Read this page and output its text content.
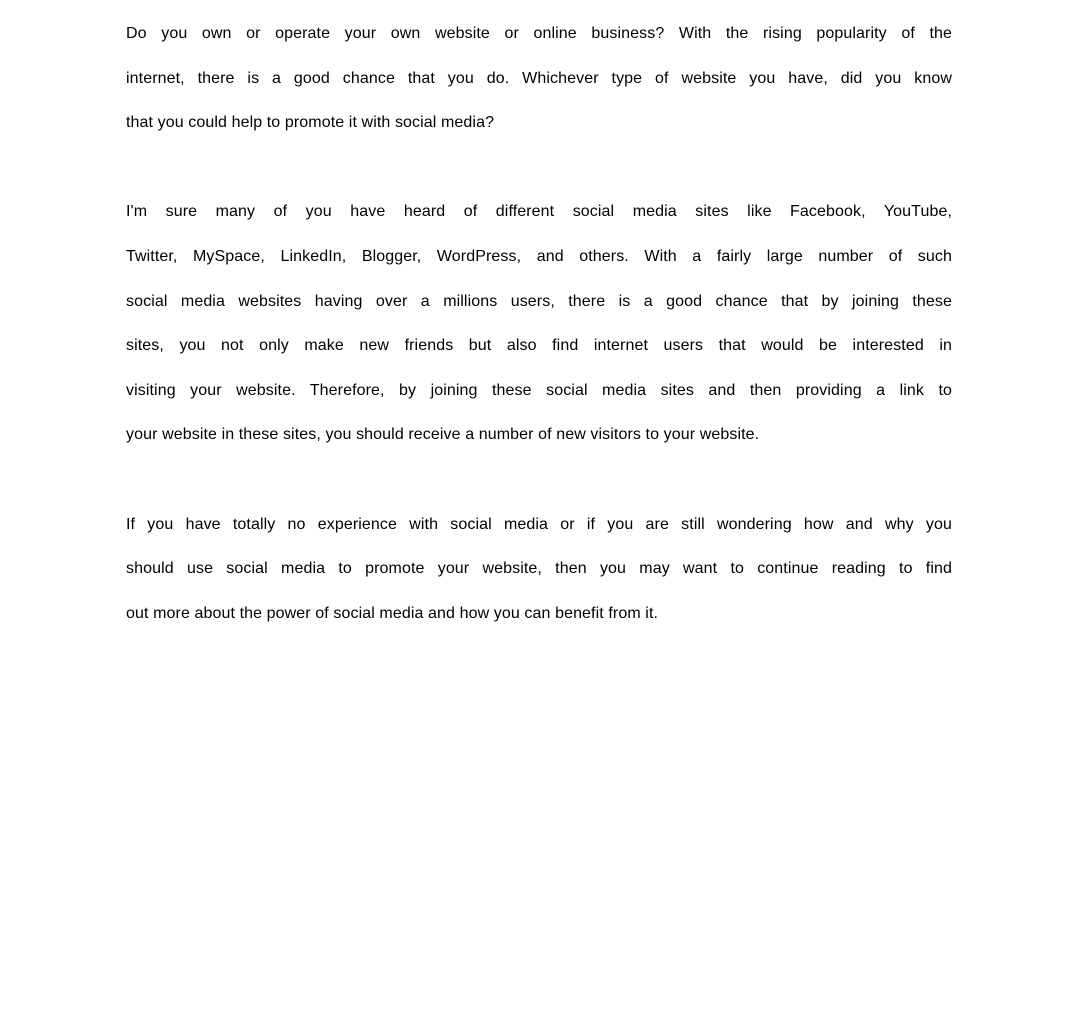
Do you own or operate your own website or online business? With the rising popularity of the
internet, there is a good chance that you do. Whichever type of website you have, did you know
that you could help to promote it with social media?
I'm sure many of you have heard of different social media sites like Facebook, YouTube,
Twitter, MySpace, LinkedIn, Blogger, WordPress, and others. With a fairly large number of such
social media websites having over a millions users, there is a good chance that by joining these
sites, you not only make new friends but also find internet users that would be interested in
visiting your website. Therefore, by joining these social media sites and then providing a link to
your website in these sites, you should receive a number of new visitors to your website.
If you have totally no experience with social media or if you are still wondering how and why you
should use social media to promote your website, then you may want to continue reading to find
out more about the power of social media and how you can benefit from it.
